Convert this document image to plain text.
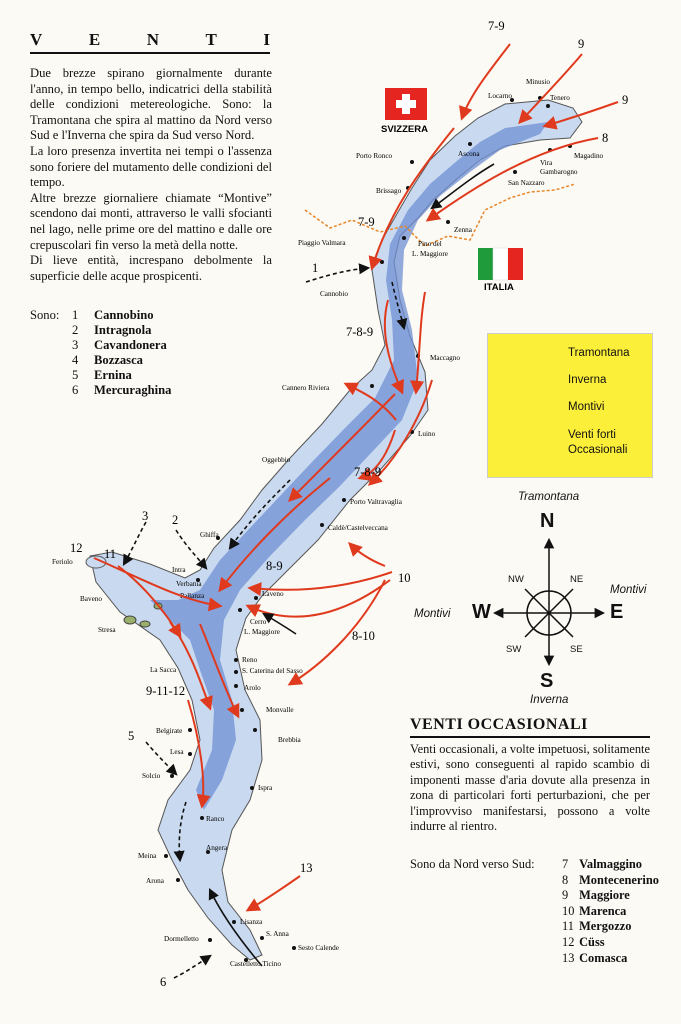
V	E	N	T	I

Due brezze spirano giornalmente durante l'anno, in tempo bello, indicatrici della stabilità delle condizioni metereologiche. Sono: la Tramontana che spira al mattino da Nord verso Sud e l'Inverna che spira da Sud verso Nord.

La loro presenza invertita nei tempi o l'assenza sono foriere del mutamento delle condizioni del tempo.

Altre brezze giornaliere chiamate “Montive” scendono dai monti, attraverso le valli sfocianti nel lago, nelle prime ore del mattino e dalle ore crepuscolari fin verso la metà della notte.

Di lieve entità, increspano debolmente la superficie delle acque prospicenti.

Sono: 1 Cannobino
2 Intragnola
3 Cavandonera
4 Bozzasca
5 Ernina
6 Mercuraghina
SVIZZERA
ITALIA
Minusio
Locarno	Tenero
Ascona	Magadino
Vira
Gambarogno
San Nazzaro
Porto Ronco
Brissago
Zenna
Piaggio Valmara	Pino del
L. Maggiore
Cannobio
Maccagno
Cannero Riviera
Luino
Oggebbio
Porto Valtravaglia
Caldè/Castelveccana
Ghiffa
Feriolo
Intra
Verbania
Pallanza
Baveno
Laveno
Stresa
Cerro
L. Maggiore
Reno
S. Caterina del Sasso
La Sacca
Arolo
Monvalle
Brebbia
Belgirate
Lesa
Solcio
Ispra
Ranco
Angera
Meina
Arona
Lisanza
S. Anna
Dormelletto
Sesto Calende
Castelletto Ticino
7-9
9
9
8
7-9
1
7-8-9
7-8-9
3 2
12 11
8-9
10
8-10
9-11-12
5
13
6
Tramontana
Inverna
Montivi
Venti forti Occasionali
Tramontana
N
S
Inverna
W	E
Montivi
Montivi
NW	NE
SW	SE
VENTI OCCASIONALI
Venti occasionali, a volte impetuosi, solitamente estivi, sono conseguenti al rapido scambio di imponenti masse d'aria dovute alla presenza in zona di particolari forti perturbazioni, che per l'improvviso manifestarsi, possono a volte indurre al rientro.
Sono da Nord verso Sud: 7 Valmaggino
8 Montecenerino
9 Maggiore
10 Marenca
11 Mergozzo
12 Cüss
13 Comasca
